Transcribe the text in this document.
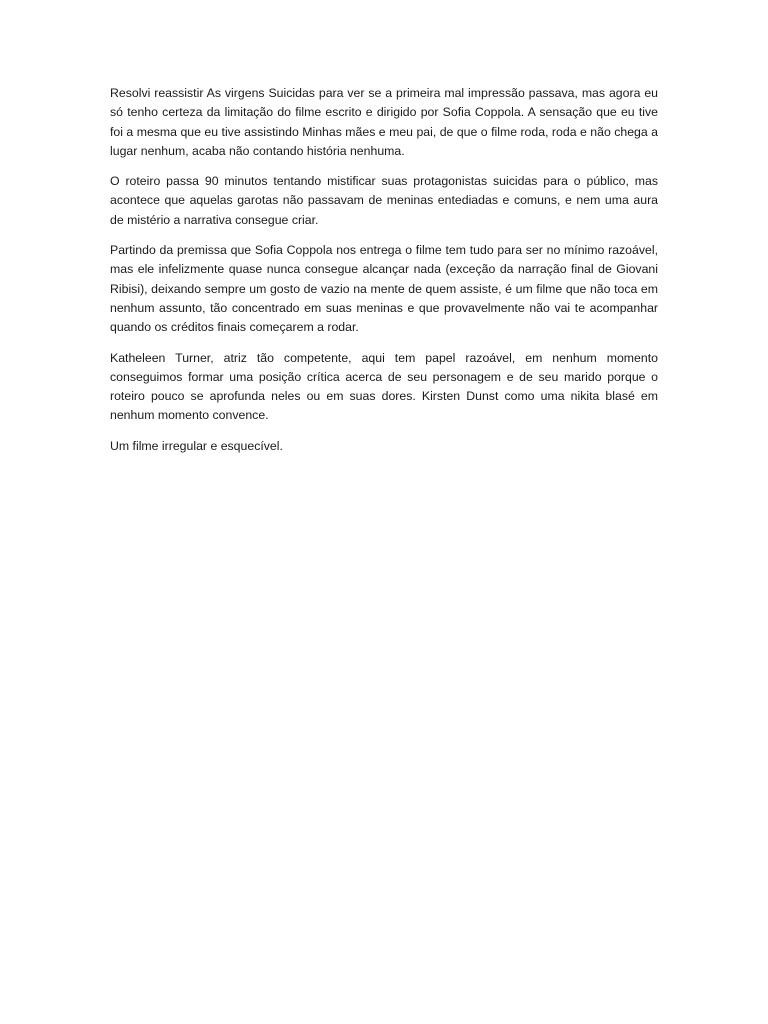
Resolvi reassistir As virgens Suicidas para ver se a primeira mal impressão passava, mas agora eu só tenho certeza da limitação do filme escrito e dirigido por Sofia Coppola. A sensação que eu tive foi a mesma que eu tive assistindo Minhas mães e meu pai, de que o filme roda, roda e não chega a lugar nenhum, acaba não contando história nenhuma.

O roteiro passa 90 minutos tentando mistificar suas protagonistas suicidas para o público, mas acontece que aquelas garotas não passavam de meninas entediadas e comuns, e nem uma aura de mistério a narrativa consegue criar.

Partindo da premissa que Sofia Coppola nos entrega o filme tem tudo para ser no mínimo razoável, mas ele infelizmente quase nunca consegue alcançar nada (exceção da narração final de Giovani Ribisi), deixando sempre um gosto de vazio na mente de quem assiste, é um filme que não toca em nenhum assunto, tão concentrado em suas meninas e que provavelmente não vai te acompanhar quando os créditos finais começarem a rodar.

Katheleen Turner, atriz tão competente, aqui tem papel razoável, em nenhum momento conseguimos formar uma posição crítica acerca de seu personagem e de seu marido porque o roteiro pouco se aprofunda neles ou em suas dores. Kirsten Dunst como uma nikita blasé em nenhum momento convence.

Um filme irregular e esquecível.
